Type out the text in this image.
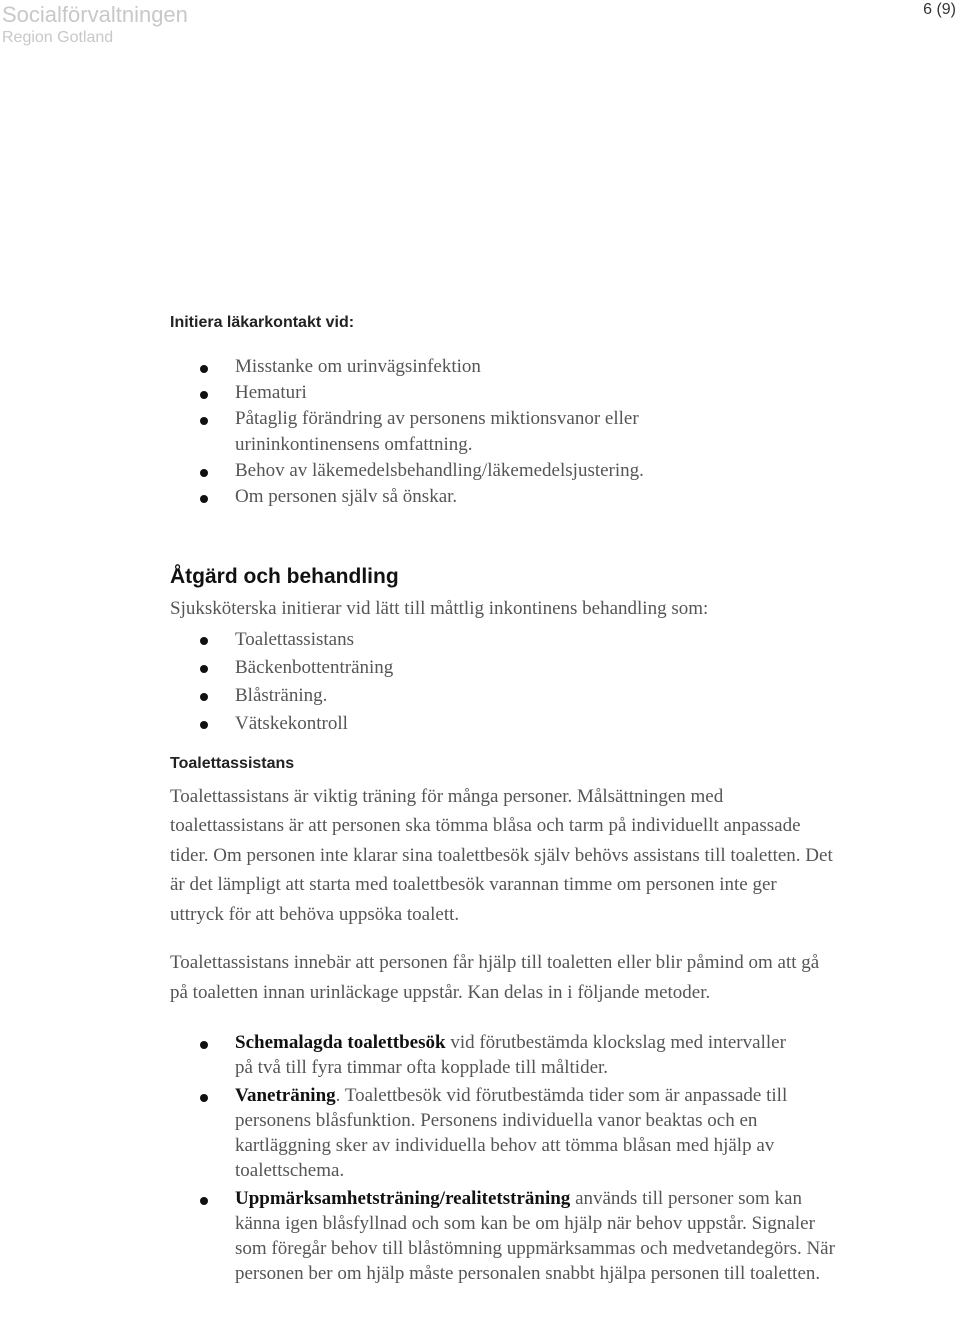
Socialförvaltningen
Region Gotland
6 (9)
Initiera läkarkontakt vid:
Misstanke om urinvägsinfektion
Hematuri
Påtaglig förändring av personens miktionsvanor eller urininkontinensens omfattning.
Behov av läkemedelsbehandling/läkemedelsjustering.
Om personen själv så önskar.
Åtgärd och behandling

Sjuksköterska initierar vid lätt till måttlig inkontinens behandling som:

Toalettassistans
Bäckenbottenträning
Blåsträning.
Vätskekontroll
Toalettassistans

Toalettassistans är viktig träning för många personer. Målsättningen med toalettassistans är att personen ska tömma blåsa och tarm på individuellt anpassade tider. Om personen inte klarar sina toalettbesök själv behövs assistans till toaletten. Det är det lämpligt att starta med toalettbesök varannan timme om personen inte ger uttryck för att behöva uppsöka toalett.

Toalettassistans innebär att personen får hjälp till toaletten eller blir påmind om att gå på toaletten innan urinläckage uppstår. Kan delas in i följande metoder.

Schemalagda toalettbesök vid förutbestämda klockslag med intervaller på två till fyra timmar ofta kopplade till måltider.
Vaneträning. Toalettbesök vid förutbestämda tider som är anpassade till personens blåsfunktion. Personens individuella vanor beaktas och en kartläggning sker av individuella behov att tömma blåsan med hjälp av toalettschema.
Uppmärksamhetsträning/realitetsträning används till personer som kan känna igen blåsfyllnad och som kan be om hjälp när behov uppstår. Signaler som föregår behov till blåstömning uppmärksammas och medvetandegörs. När personen ber om hjälp måste personalen snabbt hjälpa personen till toaletten.
